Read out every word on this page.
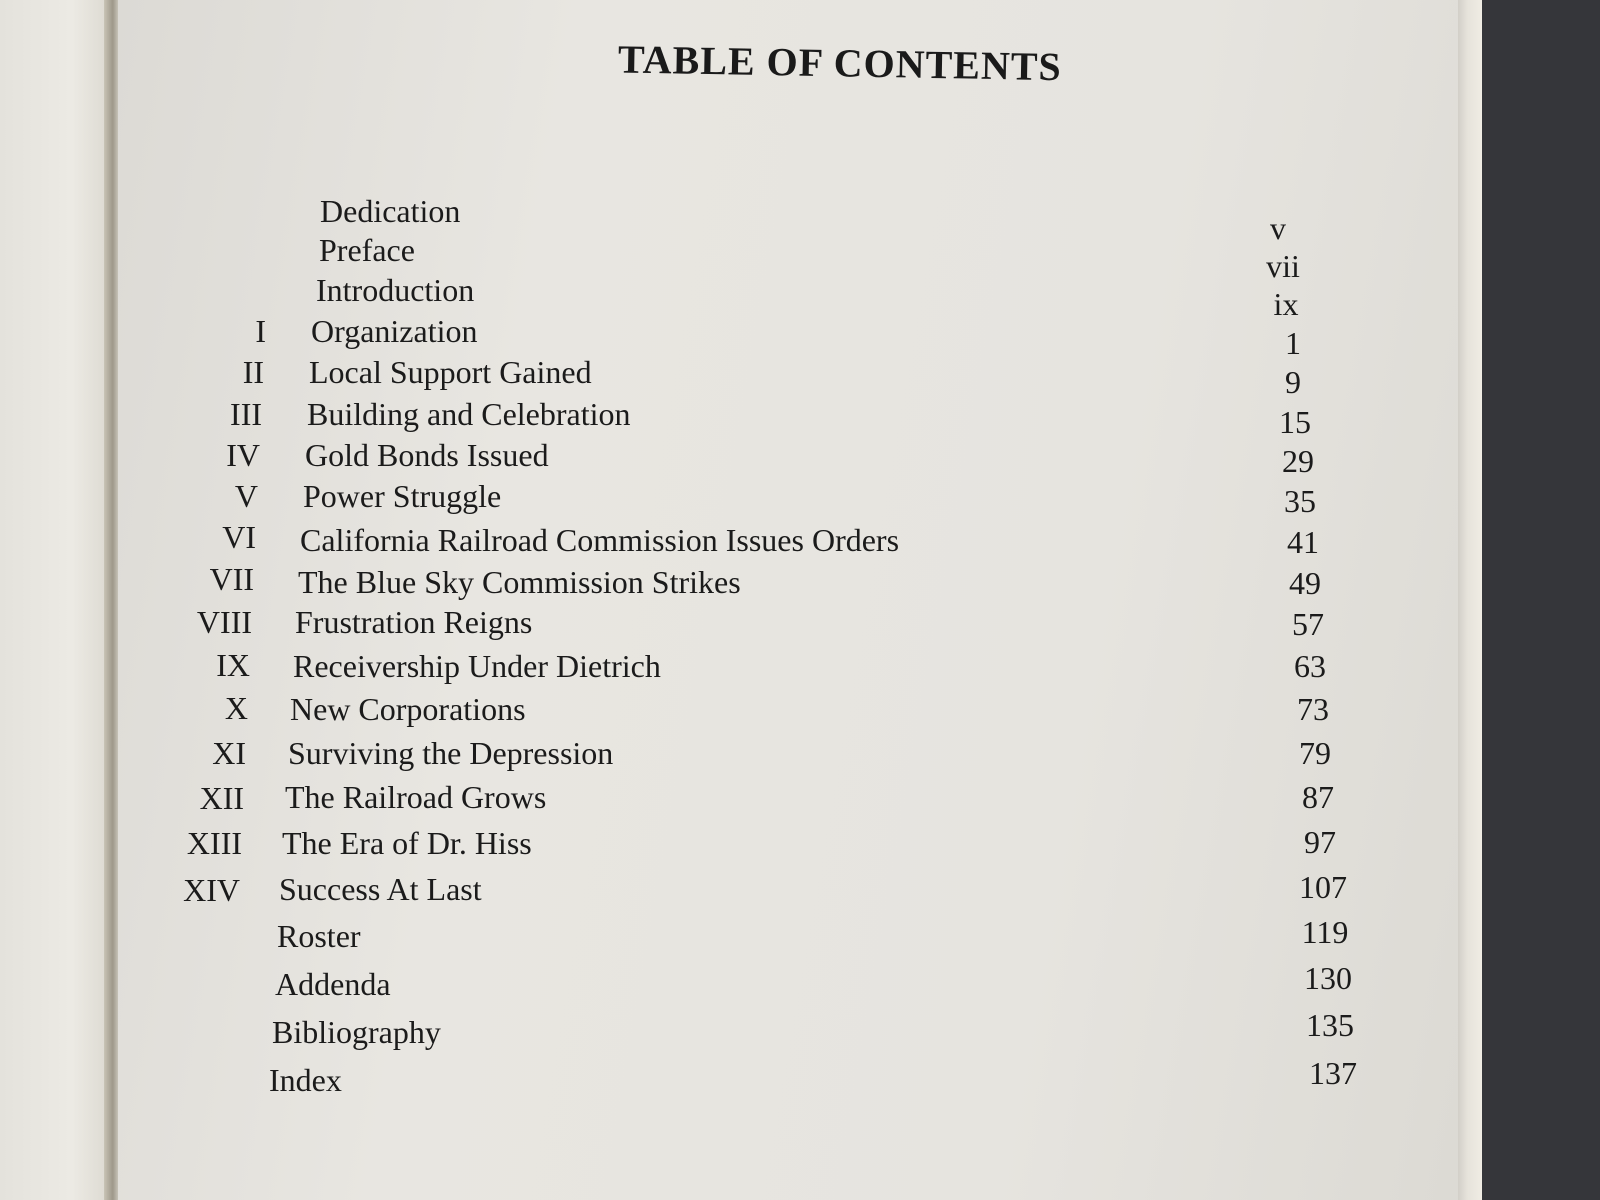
TABLE OF CONTENTS
Dedication	v
Preface	vii
Introduction	ix
I Organization	1
II Local Support Gained	9
III Building and Celebration	15
IV Gold Bonds Issued	29
V Power Struggle	35
VI California Railroad Commission Issues Orders	41
VII The Blue Sky Commission Strikes	49
VIII Frustration Reigns	57
IX Receivership Under Dietrich	63
X New Corporations	73
XI Surviving the Depression	79
XII The Railroad Grows	87
XIII The Era of Dr. Hiss	97
XIV Success At Last	107
Roster	119
Addenda	130
Bibliography	135
Index	137
